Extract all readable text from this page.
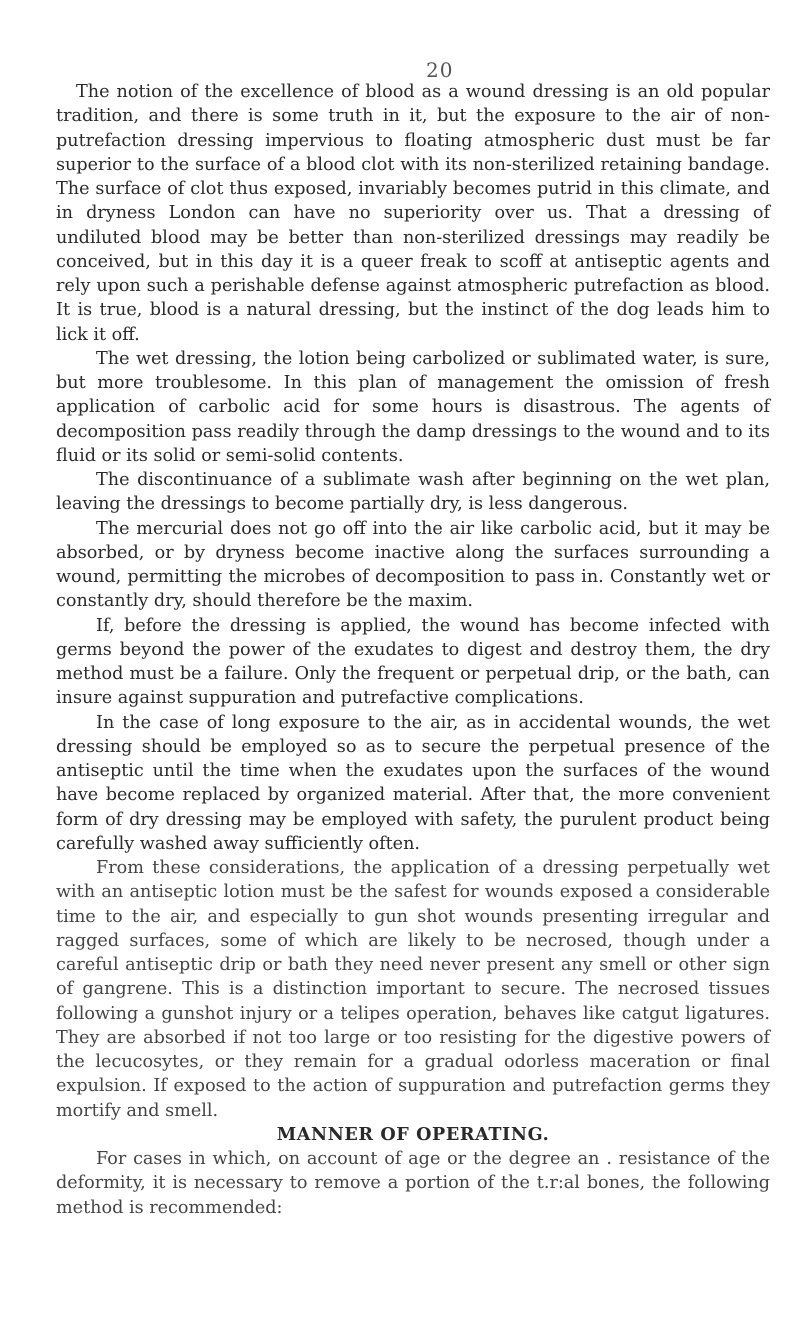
20

The notion of the excellence of blood as a wound dressing is an old popular tradition, and there is some truth in it, but the exposure to the air of non-putrefaction dressing impervious to floating atmospheric dust must be far superior to the surface of a blood clot with its non-sterilized retaining bandage. The surface of clot thus exposed, invariably becomes putrid in this climate, and in dryness London can have no superiority over us. That a dressing of undiluted blood may be better than non-sterilized dressings may readily be conceived, but in this day it is a queer freak to scoff at antiseptic agents and rely upon such a perishable defense against atmospheric putrefaction as blood. It is true, blood is a natural dressing, but the instinct of the dog leads him to lick it off.

The wet dressing, the lotion being carbolized or sublimated water, is sure, but more troublesome. In this plan of management the omission of fresh application of carbolic acid for some hours is disastrous. The agents of decomposition pass readily through the damp dressings to the wound and to its fluid or its solid or semi-solid contents.

The discontinuance of a sublimate wash after beginning on the wet plan, leaving the dressings to become partially dry, is less dangerous.

The mercurial does not go off into the air like carbolic acid, but it may be absorbed, or by dryness become inactive along the surfaces surrounding a wound, permitting the microbes of decomposition to pass in. Constantly wet or constantly dry, should therefore be the maxim.

If, before the dressing is applied, the wound has become infected with germs beyond the power of the exudates to digest and destroy them, the dry method must be a failure. Only the frequent or perpetual drip, or the bath, can insure against suppuration and putrefactive complications.

In the case of long exposure to the air, as in accidental wounds, the wet dressing should be employed so as to secure the perpetual presence of the antiseptic until the time when the exudates upon the surfaces of the wound have become replaced by organized material. After that, the more convenient form of dry dressing may be employed with safety, the purulent product being carefully washed away sufficiently often.

From these considerations, the application of a dressing perpetually wet with an antiseptic lotion must be the safest for wounds exposed a considerable time to the air, and especially to gun shot wounds presenting irregular and ragged surfaces, some of which are likely to be necrosed, though under a careful antiseptic drip or bath they need never present any smell or other sign of gangrene. This is a distinction important to secure. The necrosed tissues following a gunshot injury or a telipes operation, behaves like catgut ligatures. They are absorbed if not too large or too resisting for the digestive powers of the lecucosytes, or they remain for a gradual odorless maceration or final expulsion. If exposed to the action of suppuration and putrefaction germs they mortify and smell.

MANNER OF OPERATING.

For cases in which, on account of age or the degree an . resistance of the deformity, it is necessary to remove a portion of the t.r:al bones, the following method is recommended:
